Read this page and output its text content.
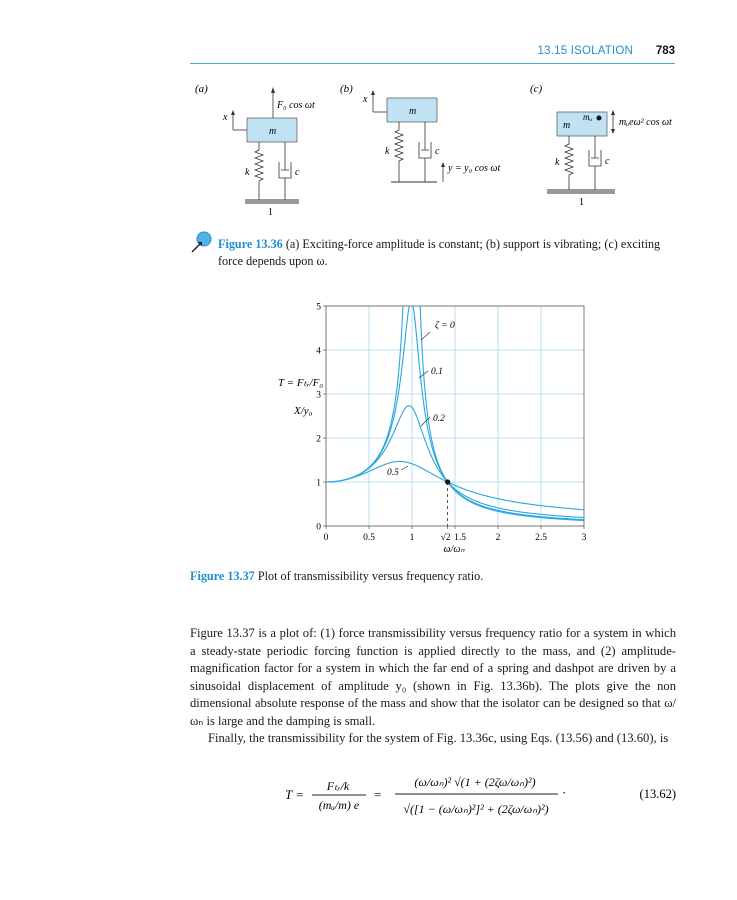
13.15 ISOLATION 783
(a)
F₀ cos ωt
x
m
k	c
1
(b)
x
m
k	c
y = y₀ cos ωt
(c)
m
mᵤ	mᵤeω² cos ωt
k	c
1
Figure 13.36 (a) Exciting-force amplitude is constant; (b) support is vibrating; (c) exciting force depends upon ω.
0	0.5	1	√2 1.5	2	2.5	3
0
1
2
3
4
5
ζ = 0
0.1
0.2
0.5
ω/ωₙ
T = Fₜᵣ/F₀
X/y₀
Figure 13.37 Plot of transmissibility versus frequency ratio.

Figure 13.37 is a plot of: (1) force transmissibility versus frequency ratio for a system in which a steady-state periodic forcing function is applied directly to the mass, and (2) amplitude-magnification factor for a system in which the far end of a spring and dashpot are driven by a sinusoidal displacement of amplitude y₀ (shown in Fig. 13.36b). The plots give the non dimensional absolute response of the mass and show that the isolator can be designed so that ω/ωₙ is large and the damping is small.

Finally, the transmissibility for the system of Fig. 13.36c, using Eqs. (13.56) and (13.60), is

T =
Fₜᵣ/k
(mᵤ/m) e
=
(ω/ωₙ)² √(1 + (2ζω/ωₙ)²)
√([1 − (ω/ωₙ)²]² + (2ζω/ωₙ)²)
·	(13.62)
